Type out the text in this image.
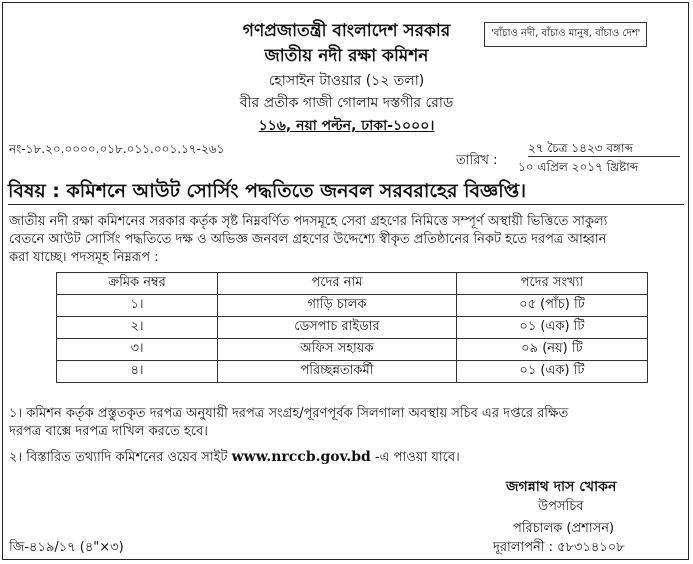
গণপ্রজাতন্ত্রী বাংলাদেশ সরকার
জাতীয় নদী রক্ষা কমিশন
হোসাইন টাওয়ার (১২ তলা)
বীর প্রতীক গাজী গোলাম দস্তগীর রোড
১১৬, নয়া পল্টন, ঢাকা-১০০০।
'বাঁচাও নদী, বাঁচাও মানুষ, বাঁচাও দেশ'
নং-১৮.২০.০০০০.০১৮.০১১.০০১.১৭-২৬১
তারিখ :
২৭ চৈত্র ১৪২৩ বঙ্গাব্দ
১০ এপ্রিল ২০১৭ খ্রিষ্টাব্দ
বিষয় : কমিশনে আউট সোর্সিং পদ্ধতিতে জনবল সরবরাহের বিজ্ঞপ্তি।
জাতীয় নদী রক্ষা কমিশনের সরকার কর্তৃক সৃষ্ট নিম্নবর্ণিত পদসমূহে সেবা গ্রহণের নিমিত্তে সম্পূর্ণ অস্থায়ী ভিত্তিতে সাকুল্য
বেতনে আউট সোর্সিং পদ্ধতিতে দক্ষ ও অভিজ্ঞ জনবল গ্রহণের উদ্দেশ্যে স্বীকৃত প্রতিষ্ঠানের নিকট হতে দরপত্র আহ্বান
করা যাচ্ছে। পদসমূহ নিম্নরূপ :
ক্রমিক নম্বর	পদের নাম	পদের সংখ্যা
১।	গাড়ি চালক	০৫ (পাঁচ) টি
২।	ডেসপাচ রাইডার	০১ (এক) টি
৩।	অফিস সহায়ক	০৯ (নয়) টি
৪।	পরিচ্ছন্নতাকর্মী	০১ (এক) টি
১। কমিশন কর্তৃক প্রস্তুতকৃত দরপত্র অনুযায়ী দরপত্র সংগ্রহ/পূরণপূর্বক সিলগালা অবস্থায় সচিব এর দপ্তরে রক্ষিত
দরপত্র বাক্সে দরপত্র দাখিল করতে হবে।
২। বিস্তারিত তথ্যাদি কমিশনের ওয়েব সাইট www.nrccb.gov.bd -এ পাওয়া যাবে।
জগন্নাথ দাস খোকন
উপসচিব
পরিচালক (প্রশাসন)
দূরালাপনী : ৫৮৩১৪১০৮
জি-৪১৯/১৭ (৪"×৩)
